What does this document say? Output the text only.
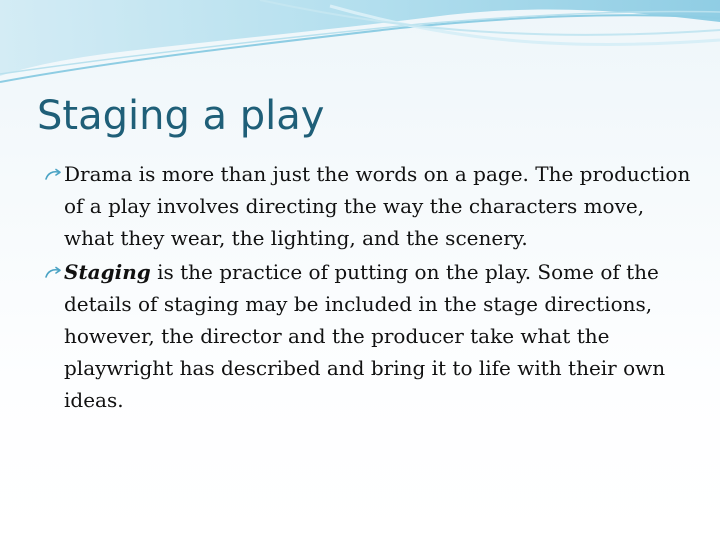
Staging a play
Drama is more than just the words on a page. The production of a play involves directing the way the characters move, what they wear, the lighting, and the scenery.
Staging is the practice of putting on the play. Some of the details of staging may be included in the stage directions, however, the director and the producer take what the playwright has described and bring it to life with their own ideas.
